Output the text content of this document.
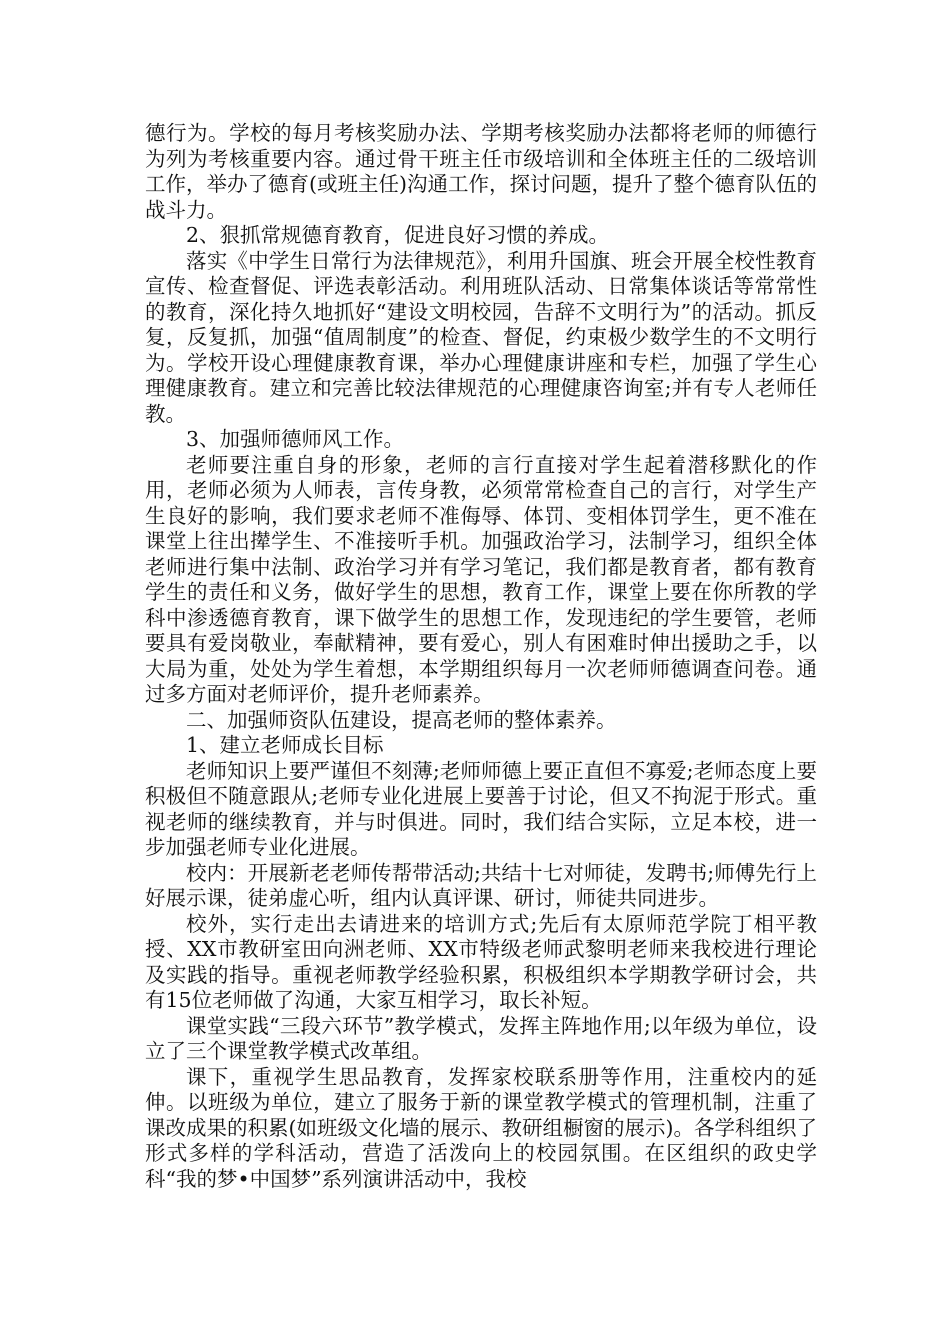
德行为。学校的每月考核奖励办法、学期考核奖励办法都将老师的师德行为列为考核重要内容。通过骨干班主任市级培训和全体班主任的二级培训工作，举办了德育(或班主任)沟通工作，探讨问题，提升了整个德育队伍的战斗力。

2、狠抓常规德育教育，促进良好习惯的养成。

落实《中学生日常行为法律规范》，利用升国旗、班会开展全校性教育宣传、检查督促、评选表彰活动。利用班队活动、日常集体谈话等常常性的教育，深化持久地抓好“建设文明校园，告辞不文明行为”的活动。抓反复，反复抓，加强“值周制度”的检查、督促，约束极少数学生的不文明行为。学校开设心理健康教育课，举办心理健康讲座和专栏，加强了学生心理健康教育。建立和完善比较法律规范的心理健康咨询室;并有专人老师任教。

3、加强师德师风工作。

老师要注重自身的形象，老师的言行直接对学生起着潜移默化的作用，老师必须为人师表，言传身教，必须常常检查自己的言行，对学生产生良好的影响，我们要求老师不准侮辱、体罚、变相体罚学生，更不准在课堂上往出撵学生、不准接听手机。加强政治学习，法制学习，组织全体老师进行集中法制、政治学习并有学习笔记，我们都是教育者，都有教育学生的责任和义务，做好学生的思想，教育工作，课堂上要在你所教的学科中渗透德育教育，课下做学生的思想工作，发现违纪的学生要管，老师要具有爱岗敬业，奉献精神，要有爱心，别人有困难时伸出援助之手，以大局为重，处处为学生着想，本学期组织每月一次老师师德调查问卷。通过多方面对老师评价，提升老师素养。

二、加强师资队伍建设，提高老师的整体素养。

1、建立老师成长目标

老师知识上要严谨但不刻薄;老师师德上要正直但不寡爱;老师态度上要积极但不随意跟从;老师专业化进展上要善于讨论，但又不拘泥于形式。重视老师的继续教育，并与时俱进。同时，我们结合实际，立足本校，进一步加强老师专业化进展。

校内：开展新老老师传帮带活动;共结十七对师徒，发聘书;师傅先行上好展示课，徒弟虚心听，组内认真评课、研讨，师徒共同进步。

校外，实行走出去请进来的培训方式;先后有太原师范学院丁相平教授、XX市教研室田向洲老师、XX市特级老师武黎明老师来我校进行理论及实践的指导。重视老师教学经验积累，积极组织本学期教学研讨会，共有15位老师做了沟通，大家互相学习，取长补短。

课堂实践“三段六环节”教学模式，发挥主阵地作用;以年级为单位，设立了三个课堂教学模式改革组。

课下，重视学生思品教育，发挥家校联系册等作用，注重校内的延伸。以班级为单位，建立了服务于新的课堂教学模式的管理机制，注重了课改成果的积累(如班级文化墙的展示、教研组橱窗的展示)。各学科组织了形式多样的学科活动，营造了活泼向上的校园氛围。在区组织的政史学科“我的梦•中国梦”系列演讲活动中，我校
